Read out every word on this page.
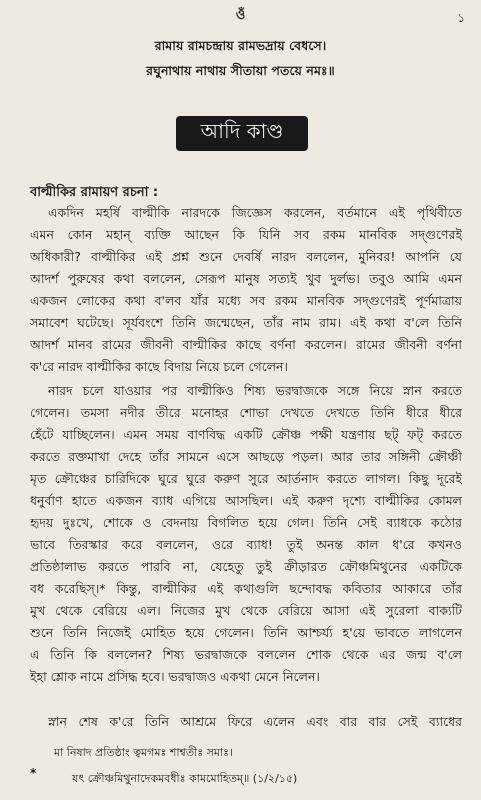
ওঁ	১
রামায় রামচন্দ্রায় রামভদ্রায় বেধসে।
রঘুনাথায় নাথায় সীতায়া পতয়ে নমঃ॥
আদি কাণ্ড
বাল্মীকির রামায়ণ রচনা :
একদিন মহর্ষি বাল্মীকি নারদকে জিজ্ঞেস করলেন, বর্তমানে এই পৃথিবীতে
এমন কোন মহান্ ব্যক্তি আছেন কি যিনি সব রকম মানবিক সদ্গুণেরই
অধিকারী? বাল্মীকির এই প্রশ্ন শুনে দেবর্ষি নারদ বললেন, মুনিবর! আপনি যে
আদর্শ পুরুষের কথা বললেন, সেরূপ মানুষ সত্যই খুব দুর্লভ। তবুও আমি এমন
একজন লোকের কথা ব'লব যাঁর মধ্যে সব রকম মানবিক সদ্গুণেরই পূর্ণমাত্রায়
সমাবেশ ঘটেছে। সূর্যবংশে তিনি জন্মেছেন, তাঁর নাম রাম। এই কথা ব'লে তিনি
আদর্শ মানব রামের জীবনী বাল্মীকির কাছে বর্ণনা করলেন। রামের জীবনী বর্ণনা
ক'রে নারদ বাল্মীকির কাছে বিদায় নিয়ে চলে গেলেন।
নারদ চলে যাওয়ার পর বাল্মীকিও শিষ্য ভরদ্বাজকে সঙ্গে নিয়ে স্নান করতে
গেলেন। তমসা নদীর তীরে মনোহর শোভা দেখতে দেখতে তিনি ধীরে ধীরে
হেঁটে যাচ্ছিলেন। এমন সময় বাণবিদ্ধ একটি ক্রৌঞ্চ পক্ষী যন্ত্রণায় ছট্ ফট্ করতে
করতে রক্তমাখা দেহে তাঁর সামনে এসে আছড়ে পড়ল। আর তার সঙ্গিনী ক্রৌঞ্চী
মৃত ক্রৌঞ্চের চারিদিকে ঘুরে ঘুরে করুণ সুরে আর্তনাদ করতে লাগল। কিছু দূরেই
ধনুর্বাণ হাতে একজন ব্যাধ এগিয়ে আসছিল। এই করুণ দৃশ্যে বাল্মীকির কোমল
হৃদয় দুঃখে, শোকে ও বেদনায় বিগলিত হয়ে গেল। তিনি সেই ব্যাধকে কঠোর
ভাবে তিরস্কার করে বললেন, ওরে ব্যাধ! তুই অনন্ত কাল ধ'রে কখনও
প্রতিষ্ঠালাভ করতে পারবি না, যেহেতু তুই ক্রীড়ারত ক্রৌঞ্চমিথুনের একটিকে
বধ করেছিস্।* কিন্তু, বাল্মীকির এই কথাগুলি ছন্দোবদ্ধ কবিতার আকারে তাঁর
মুখ থেকে বেরিয়ে এল। নিজের মুখ থেকে বেরিয়ে আসা এই সুরেলা বাক্যটি
শুনে তিনি নিজেই মোহিত হয়ে গেলেন। তিনি আশ্চর্য্য হ'য়ে ভাবতে লাগলেন
এ তিনি কি বললেন? শিষ্য ভরদ্বাজকে বললেন শোক থেকে এর জন্ম ব'লে
ইহা শ্লোক নামে প্রসিদ্ধ হবে। ভরদ্বাজও একথা মেনে নিলেন।
স্নান শেষ ক'রে তিনি আশ্রমে ফিরে এলেন এবং বার বার সেই ব্যাধের
*
মা নিষাদ প্রতিষ্ঠাং ত্বমগমঃ শাশ্বতীঃ সমাঃ।
যৎ ক্রৌঞ্চমিথুনাদেকমবধীঃ কামমোহিতম্॥ (১/২/১৫)
